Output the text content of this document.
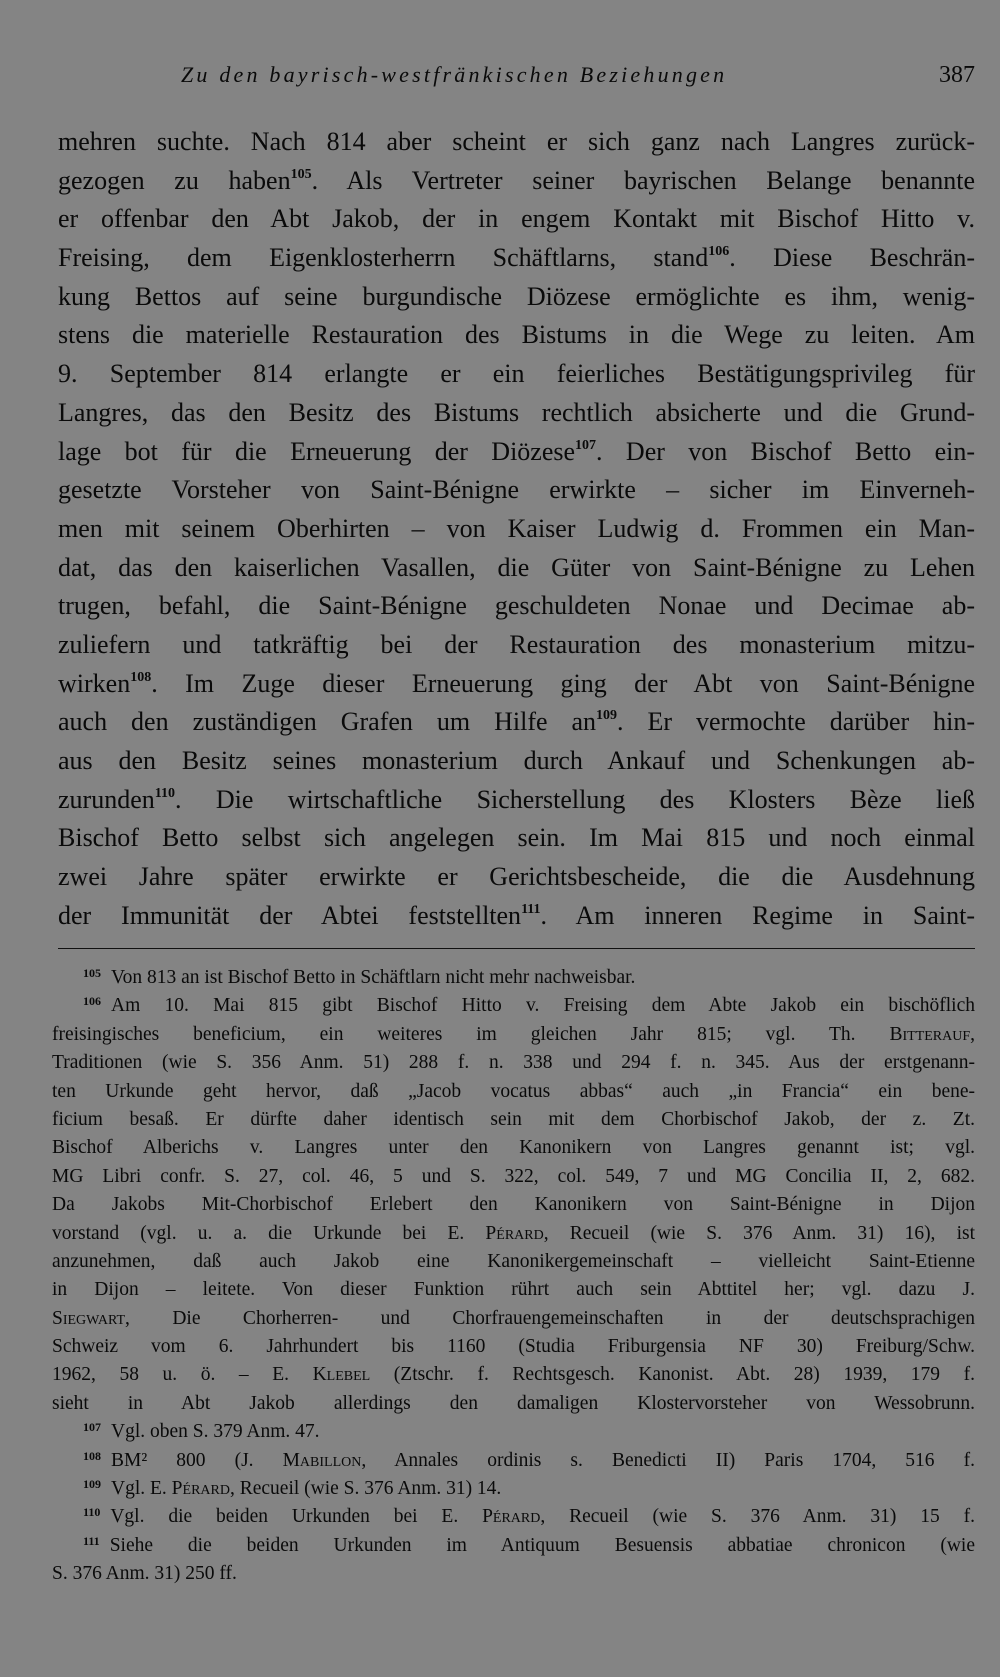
Zu den bayrisch-westfränkischen Beziehungen	387
mehren suchte. Nach 814 aber scheint er sich ganz nach Langres zurück-
gezogen zu haben$^{105}$. Als Vertreter seiner bayrischen Belange benannte
er offenbar den Abt Jakob, der in engem Kontakt mit Bischof Hitto v.
Freising, dem Eigenklosterherrn Schäftlarns, stand$^{106}$. Diese Beschrän-
kung Bettos auf seine burgundische Diözese ermöglichte es ihm, wenig-
stens die materielle Restauration des Bistums in die Wege zu leiten. Am
9. September 814 erlangte er ein feierliches Bestätigungsprivileg für
Langres, das den Besitz des Bistums rechtlich absicherte und die Grund-
lage bot für die Erneuerung der Diözese$^{107}$. Der von Bischof Betto ein-
gesetzte Vorsteher von Saint-Bénigne erwirkte – sicher im Einverneh-
men mit seinem Oberhirten – von Kaiser Ludwig d. Frommen ein Man-
dat, das den kaiserlichen Vasallen, die Güter von Saint-Bénigne zu Lehen
trugen, befahl, die Saint-Bénigne geschuldeten Nonae und Decimae ab-
zuliefern und tatkräftig bei der Restauration des monasterium mitzu-
wirken$^{108}$. Im Zuge dieser Erneuerung ging der Abt von Saint-Bénigne
auch den zuständigen Grafen um Hilfe $an^{109}$. Er vermochte darüber hin-
aus den Besitz seines monasterium durch Ankauf und Schenkungen ab-
zurunden$^{110}$. Die wirtschaftliche Sicherstellung des Klosters Bèze ließ
Bischof Betto selbst sich angelegen sein. Im Mai 815 und noch einmal
zwei Jahre später erwirkte er Gerichtsbescheide, die die Ausdehnung
der Immunität der Abtei feststellten$^{111}$. Am inneren Regime in Saint-
$^{105}$ Von 813 an ist Bischof Betto in Schäftlarn nicht mehr nachweisbar.
$^{106}$ Am 10. Mai 815 gibt Bischof Hitto v. Freising dem Abte Jakob ein bischöflich
freisingisches beneficium, ein weiteres im gleichen Jahr 815; vgl. Th. Bitterauf,
Traditionen (wie S. 356 Anm. 51) 288 f. n. 338 und 294 f. n. 345. Aus der erstgenann-
ten Urkunde geht hervor, daß „Jacob vocatus abbas“ auch „in Francia“ ein bene-
ficium besaß. Er dürfte daher identisch sein mit dem Chorbischof Jakob, der z. Zt.
Bischof Alberichs v. Langres unter den Kanonikern von Langres genannt ist; vgl.
MG Libri confr. S. 27, col. 46, 5 und S. 322, col. 549, 7 und MG Concilia II, 2, 682.
Da Jakobs Mit-Chorbischof Erlebert den Kanonikern von Saint-Bénigne in Dijon
vorstand (vgl. u. a. die Urkunde bei E. Pérard, Recueil (wie S. 376 Anm. 31) 16), ist
anzunehmen, daß auch Jakob eine Kanonikergemeinschaft – vielleicht Saint-Etienne
in Dijon – leitete. Von dieser Funktion rührt auch sein Abttitel her; vgl. dazu J.
Siegwart, Die Chorherren- und Chorfrauengemeinschaften in der deutschsprachigen
Schweiz vom 6. Jahrhundert bis 1160 (Studia Friburgensia NF 30) Freiburg/Schw.
1962, 58 u. ö. – E. Klebel (Ztschr. f. Rechtsgesch. Kanonist. Abt. 28) 1939, 179 f.
sieht in Abt Jakob allerdings den damaligen Klostervorsteher von Wessobrunn.
$^{107}$ Vgl. oben S. 379 Anm. 47.
$^{108}$ BM² 800 (J. Mabillon, Annales ordinis s. Benedicti II) Paris 1704, 516 f.
$^{109}$ Vgl. E. Pérard, Recueil (wie S. 376 Anm. 31) 14.
$^{110}$ Vgl. die beiden Urkunden bei E. Pérard, Recueil (wie S. 376 Anm. 31) 15 f.
$^{111}$ Siehe die beiden Urkunden im Antiquum Besuensis abbatiae chronicon (wie
S. 376 Anm. 31) 250 ff.
